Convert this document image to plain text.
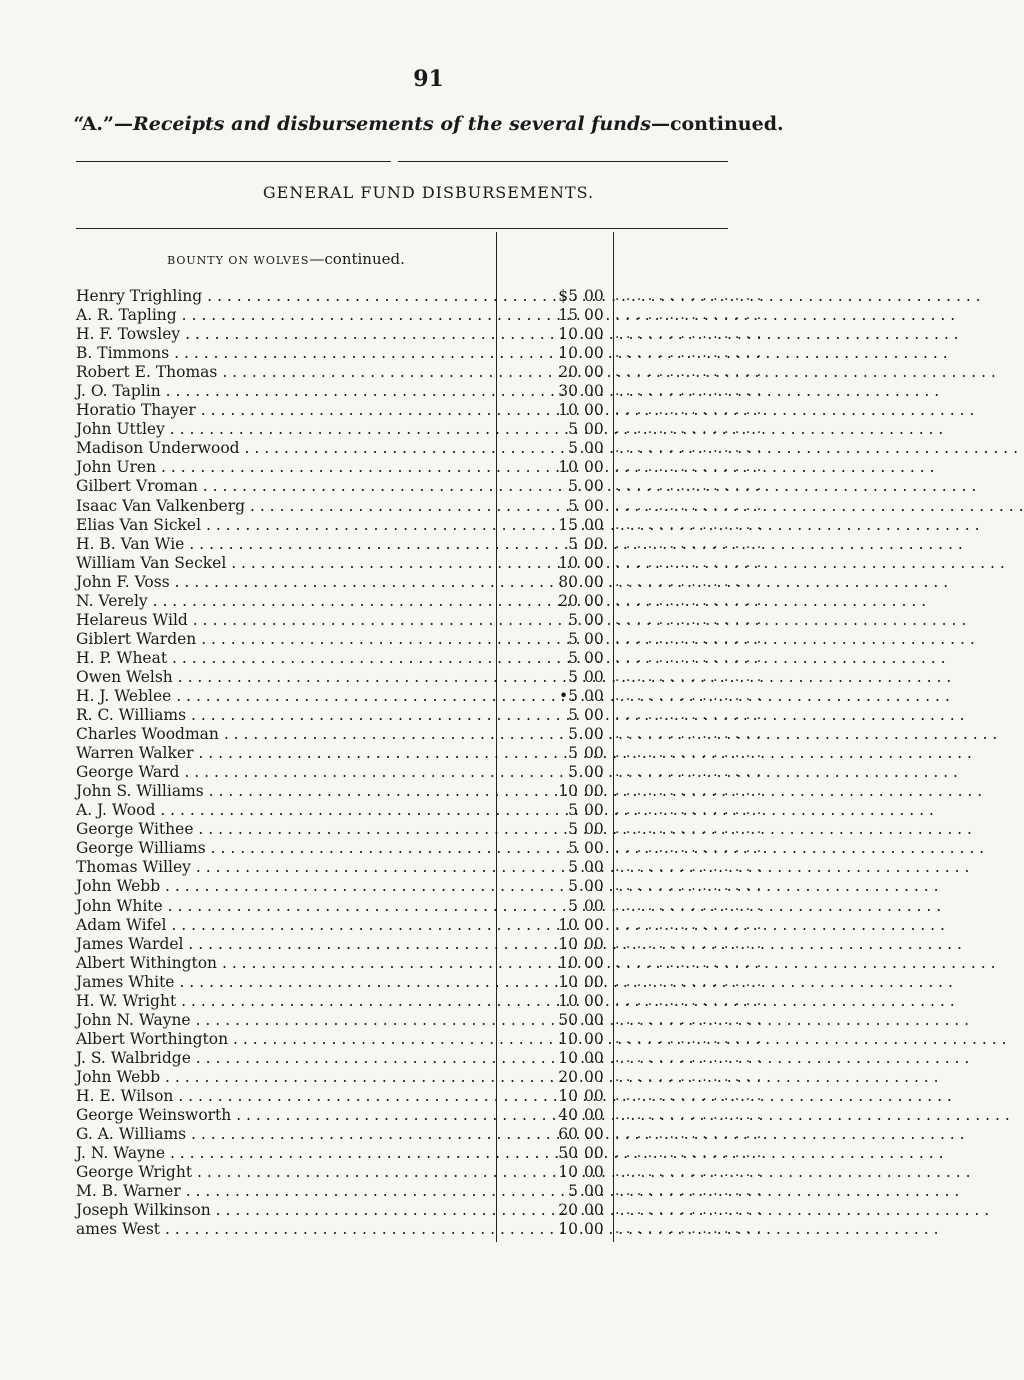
91
“A.”—Receipts and disbursements of the several funds—continued.
GENERAL FUND DISBURSEMENTS.
BOUNTY ON WOLVES—continued.
Henry Trighling . . .	$5 00 . . . . . . . . . . . . . .
A. R. Tapling . . .	15 00 . . . . . . . . . . . . . .
H. F. Towsley . . .	10 00 . . . . . . . . . . . . . .
B. Timmons . . .	10 00 . . . . . . . . . . . . . .
Robert E. Thomas . . .	20 00 . . . . . . . . . . . . . .
J. O. Taplin . . .	30 00 . . . . . . . . . . . . . .
Horatio Thayer . . .	10 00 . . . . . . . . . . . . . .
John Uttley . . .	5 00 . . . . . . . . . . . . . .
Madison Underwood . . .	5 00 . . . . . . . . . . . . . .
John Uren . . .	10 00 . . . . . . . . . . . . . .
Gilbert Vroman . . .	5 00 . . . . . . . . . . . . . .
Isaac Van Valkenberg . . .	5 00 . . . . . . . . . . . . . .
Elias Van Sickel . . .	15 00 . . . . . . . . . . . . . .
H. B. Van Wie . . .	5 00 . . . . . . . . . . . . . .
William Van Seckel . . .	10 00 . . . . . . . . . . . . . .
John F. Voss . . .	80 00 . . . . . . . . . . . . . .
N. Verely . . .	20 00 . . . . . . . . . . . . . .
Helareus Wild . . .	5 00 . . . . . . . . . . . . . .
Giblert Warden . . .	5 00 . . . . . . . . . . . . . .
H. P. Wheat . . .	5 00 . . . . . . . . . . . . . .
Owen Welsh . . .	5 00 . . . . . . . . . . . . . .
H. J. Weblee . . .	•5 00 . . . . . . . . . . . . . .
R. C. Williams . . .	5 00 . . . . . . . . . . . . . .
Charles Woodman . . .	5 00 . . . . . . . . . . . . . .
Warren Walker . . .	5 00 . . . . . . . . . . . . . .
George Ward . . .	5 00 . . . . . . . . . . . . . .
John S. Williams . . .	10 00 . . . . . . . . . . . . . .
A. J. Wood . . .	5 00 . . . . . . . . . . . . . .
George Withee . . .	5 00 . . . . . . . . . . . . . .
George Williams . . .	5 00 . . . . . . . . . . . . . .
Thomas Willey . . .	5 00 . . . . . . . . . . . . . .
John Webb . . .	5 00 . . . . . . . . . . . . . .
John White . . .	5 00 . . . . . . . . . . . . . .
Adam Wifel . . .	10 00 . . . . . . . . . . . . . .
James Wardel . . .	10 00 . . . . . . . . . . . . . .
Albert Withington . . .	10 00 . . . . . . . . . . . . . .
James White . . .	10 00 . . . . . . . . . . . . . .
H. W. Wright . . .	10 00 . . . . . . . . . . . . . .
John N. Wayne . . .	50 00 . . . . . . . . . . . . . .
Albert Worthington . . .	10 00 . . . . . . . . . . . . . .
J. S. Walbridge . . .	10 00 . . . . . . . . . . . . . .
John Webb . . .	20 00 . . . . . . . . . . . . . .
H. E. Wilson . . .	10 00 . . . . . . . . . . . . . .
George Weinsworth . . .	40 00 . . . . . . . . . . . . . .
G. A. Williams . . .	60 00 . . . . . . . . . . . . . .
J. N. Wayne . . .	50 00 . . . . . . . . . . . . . .
George Wright . . .	10 00 . . . . . . . . . . . . . .
M. B. Warner . . .	5 00 . . . . . . . . . . . . . .
Joseph Wilkinson . . .	20 00 . . . . . . . . . . . . . .
ames West . . .	10 00 . . . . . . . . . . . . . .
